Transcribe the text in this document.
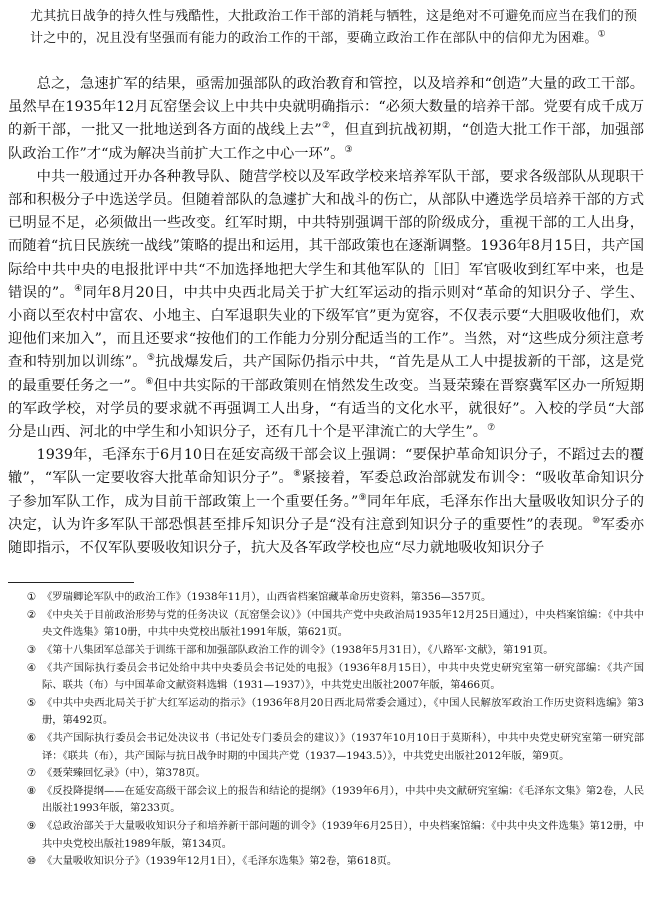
尤其抗日战争的持久性与残酷性，大批政治工作干部的消耗与牺牲，这是绝对不可避免而应当在我们的预计之中的，况且没有坚强而有能力的政治工作的干部，要确立政治工作在部队中的信仰尤为困难。①

总之，急速扩军的结果，亟需加强部队的政治教育和管控，以及培养和“创造”大量的政工干部。虽然早在1935年12月瓦窑堡会议上中共中央就明确指示：“必须大数量的培养干部。党要有成千成万的新干部，一批又一批地送到各方面的战线上去”②，但直到抗战初期，“创造大批工作干部，加强部队政治工作”才“成为解决当前扩大工作之中心一环”。③

中共一般通过开办各种教导队、随营学校以及军政学校来培养军队干部，要求各级部队从现职干部和积极分子中选送学员。但随着部队的急遽扩大和战斗的伤亡，从部队中遴选学员培养干部的方式已明显不足，必须做出一些改变。红军时期，中共特别强调干部的阶级成分，重视干部的工人出身，而随着“抗日民族统一战线”策略的提出和运用，其干部政策也在逐渐调整。1936年8月15日，共产国际给中共中央的电报批评中共“不加选择地把大学生和其他军队的［旧］军官吸收到红军中来，也是错误的”。④同年8月20日，中共中央西北局关于扩大红军运动的指示则对“革命的知识分子、学生、小商以至农村中富农、小地主、白军退职失业的下级军官”更为宽容，不仅表示要“大胆吸收他们，欢迎他们来加入”，而且还要求“按他们的工作能力分别分配适当的工作”。当然，对“这些成分须注意考查和特别加以训练”。⑤抗战爆发后，共产国际仍指示中共，“首先是从工人中提拔新的干部，这是党的最重要任务之一”。⑥但中共实际的干部政策则在悄然发生改变。当聂荣臻在晋察冀军区办一所短期的军政学校，对学员的要求就不再强调工人出身，“有适当的文化水平，就很好”。入校的学员“大部分是山西、河北的中学生和小知识分子，还有几十个是平津流亡的大学生”。⑦

1939年，毛泽东于6月10日在延安高级干部会议上强调：“要保护革命知识分子，不蹈过去的覆辙”，“军队一定要收容大批革命知识分子”。⑧紧接着，军委总政治部就发布训令：“吸收革命知识分子参加军队工作，成为目前干部政策上一个重要任务。”⑨同年年底，毛泽东作出大量吸收知识分子的决定，认为许多军队干部恐惧甚至排斥知识分子是“没有注意到知识分子的重要性”的表现。⑩军委亦随即指示，不仅军队要吸收知识分子，抗大及各军政学校也应“尽力就地吸收知识分子

① 《罗瑞卿论军队中的政治工作》（1938年11月），山西省档案馆藏革命历史资料，第356—357页。
② 《中央关于目前政治形势与党的任务决议（瓦窑堡会议）》（中国共产党中央政治局1935年12月25日通过），中央档案馆编：《中共中央文件选集》第10册，中共中央党校出版社1991年版，第621页。
③ 《第十八集团军总部关于训练干部和加强部队政治工作的训令》（1938年5月31日），《八路军·文献》，第191页。
④ 《共产国际执行委员会书记处给中共中央委员会书记处的电报》（1936年8月15日），中共中央党史研究室第一研究部编：《共产国际、联共（布）与中国革命文献资料选辑（1931—1937）》，中共党史出版社2007年版，第466页。
⑤ 《中共中央西北局关于扩大红军运动的指示》（1936年8月20日西北局常委会通过），《中国人民解放军政治工作历史资料选编》第3册，第492页。
⑥ 《共产国际执行委员会书记处决议书（书记处专门委员会的建议）》（1937年10月10日于莫斯科），中共中央党史研究室第一研究部译：《联共（布），共产国际与抗日战争时期的中国共产党（1937—1943.5）》，中共党史出版社2012年版，第9页。
⑦ 《聂荣臻回忆录》（中），第378页。
⑧ 《反投降提纲——在延安高级干部会议上的报告和结论的提纲》（1939年6月），中共中央文献研究室编：《毛泽东文集》第2卷，人民出版社1993年版，第233页。
⑨ 《总政治部关于大量吸收知识分子和培养新干部问题的训令》（1939年6月25日），中央档案馆编：《中共中央文件选集》第12册，中共中央党校出版社1989年版，第134页。
⑩ 《大量吸收知识分子》（1939年12月1日），《毛泽东选集》第2卷，第618页。
